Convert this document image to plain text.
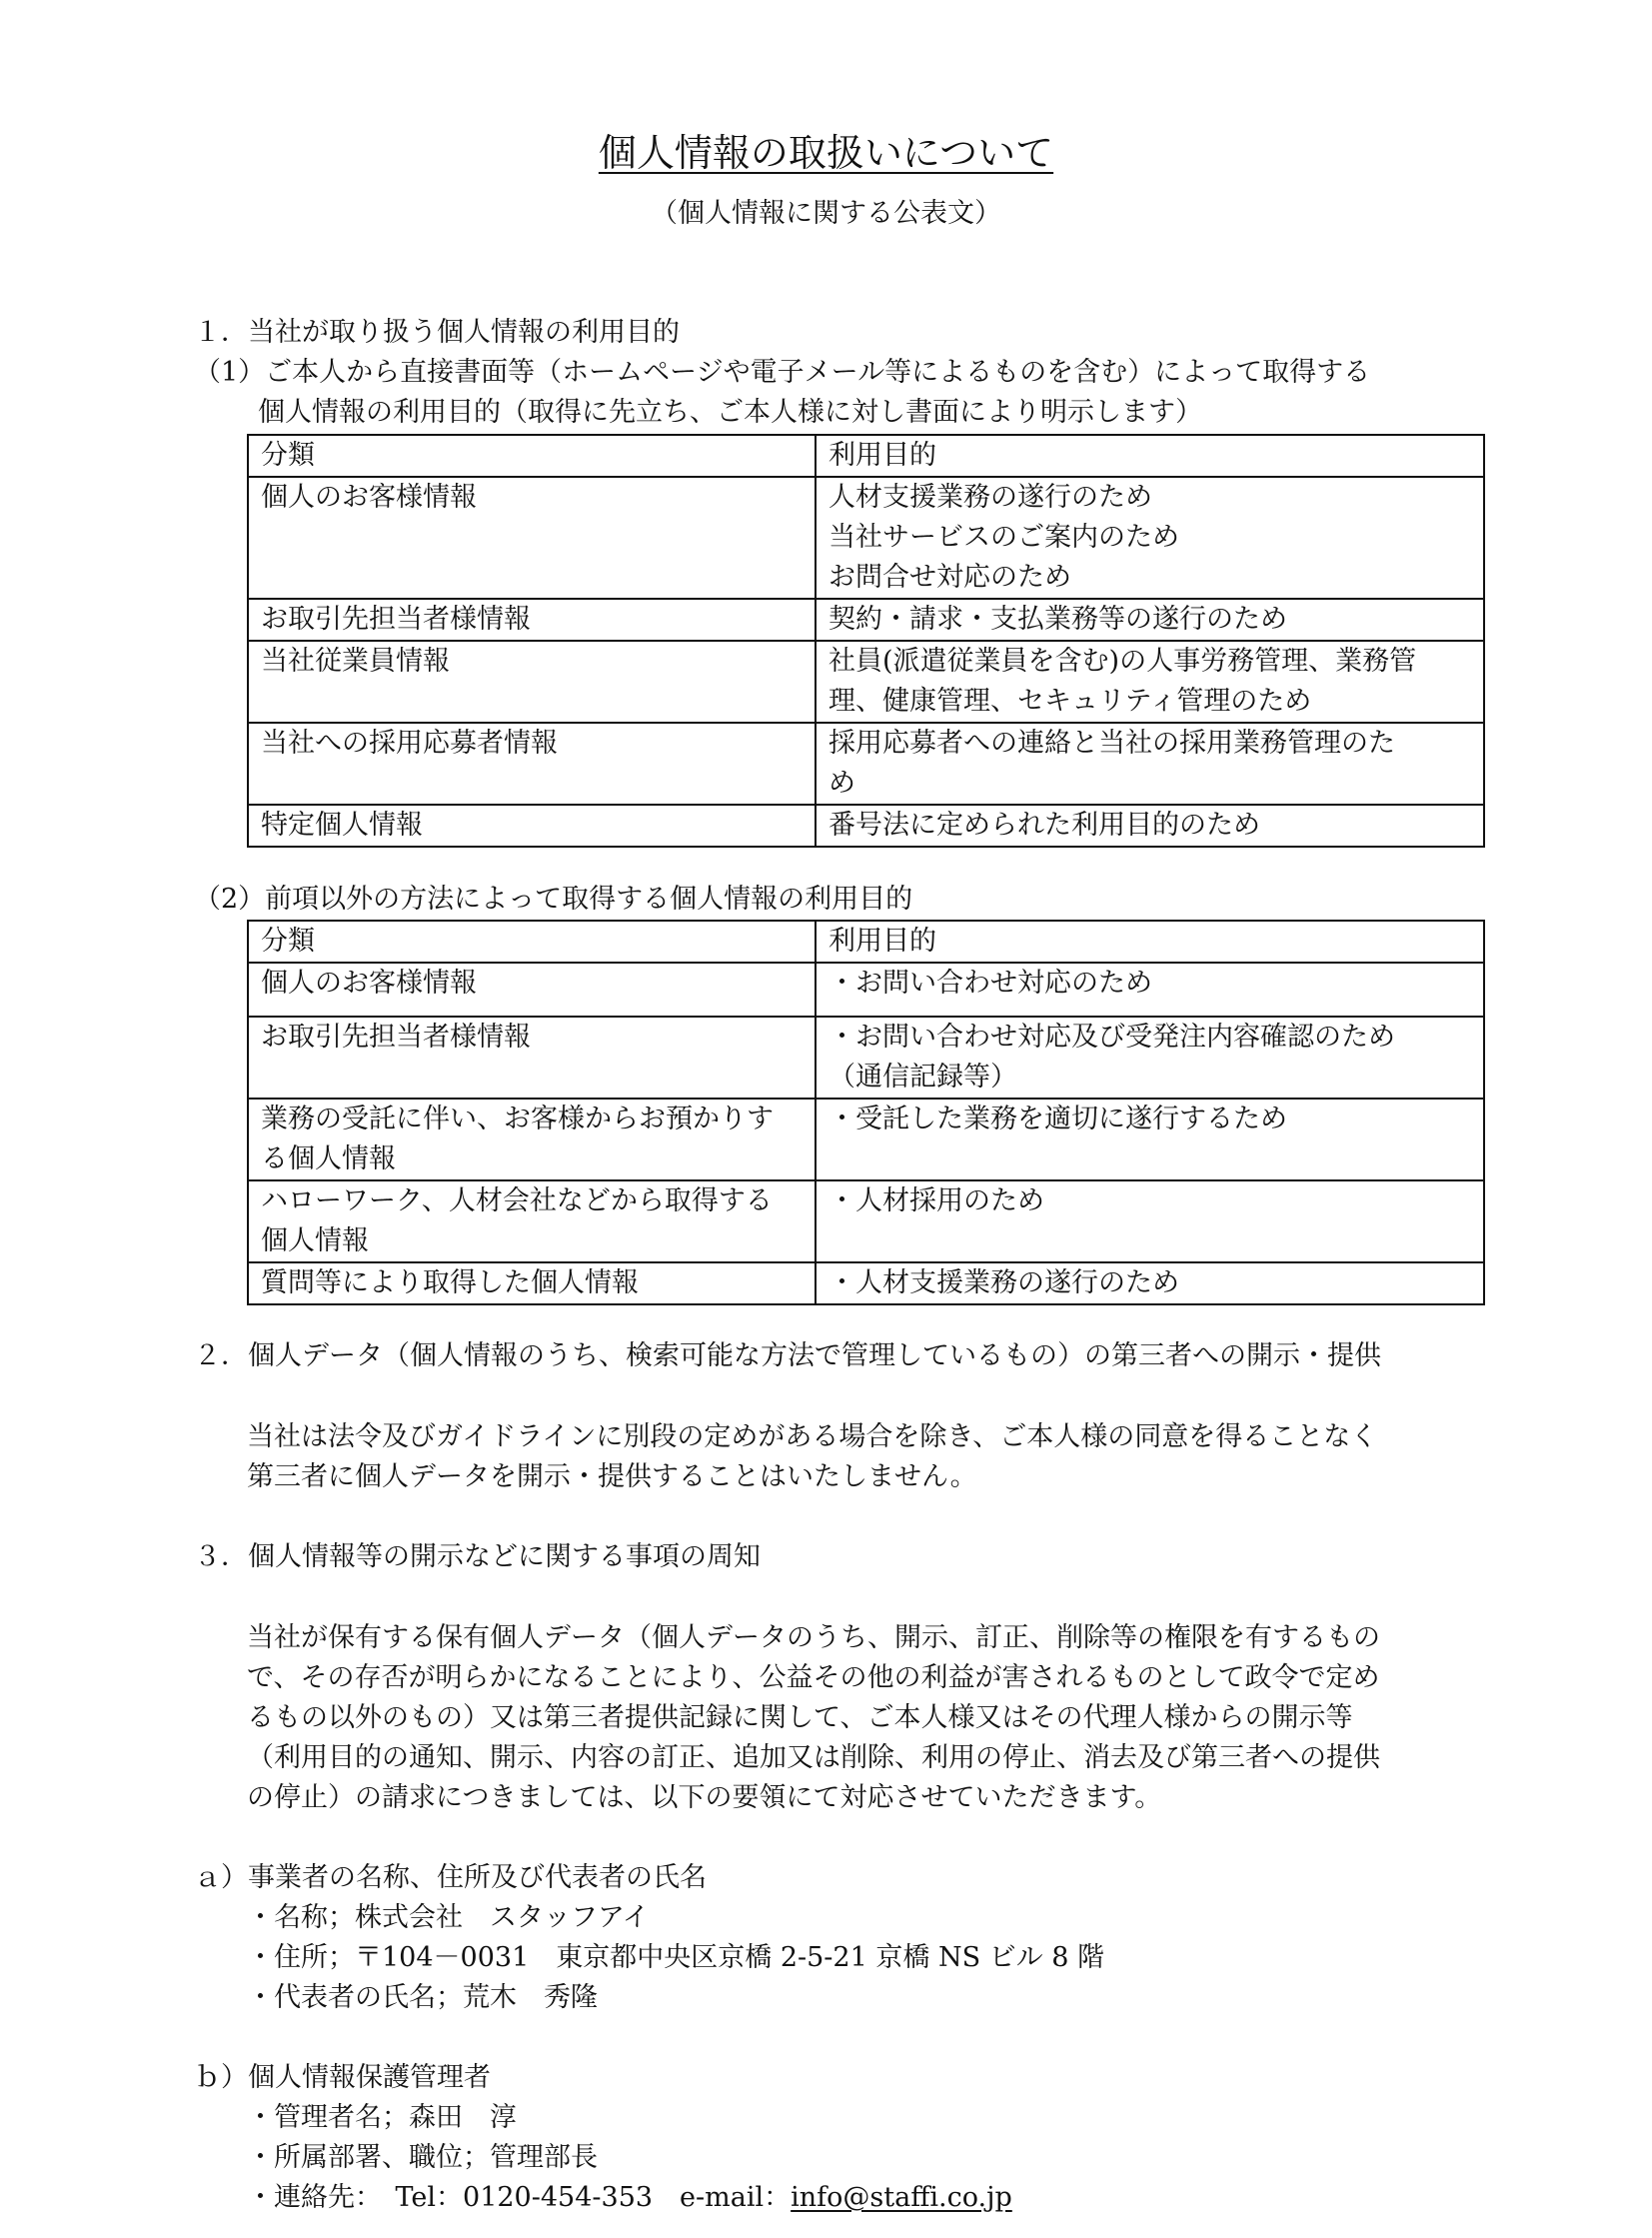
個人情報の取扱いについて
（個人情報に関する公表文）
１．当社が取り扱う個人情報の利用目的
（1）ご本人から直接書面等（ホームページや電子メール等によるものを含む）によって取得する
個人情報の利用目的（取得に先立ち、ご本人様に対し書面により明示します）
分類	利用目的

個人のお客様情報	人材支援業務の遂行のため
当社サービスのご案内のため
お問合せ対応のため

お取引先担当者様情報	契約・請求・支払業務等の遂行のため

当社従業員情報	社員(派遣従業員を含む)の人事労務管理、業務管
理、健康管理、セキュリティ管理のため

当社への採用応募者情報	採用応募者への連絡と当社の採用業務管理のた
め

特定個人情報	番号法に定められた利用目的のため
（2）前項以外の方法によって取得する個人情報の利用目的
分類	利用目的

個人のお客様情報	・お問い合わせ対応のため

お取引先担当者様情報	・お問い合わせ対応及び受発注内容確認のため
（通信記録等）

業務の受託に伴い、お客様からお預かりす
る個人情報	・受託した業務を適切に遂行するため

ハローワーク、人材会社などから取得する
個人情報	・人材採用のため

質問等により取得した個人情報	・人材支援業務の遂行のため
２．個人データ（個人情報のうち、検索可能な方法で管理しているもの）の第三者への開示・提供
当社は法令及びガイドラインに別段の定めがある場合を除き、ご本人様の同意を得ることなく
第三者に個人データを開示・提供することはいたしません。
３．個人情報等の開示などに関する事項の周知
当社が保有する保有個人データ（個人データのうち、開示、訂正、削除等の権限を有するもの
で、その存否が明らかになることにより、公益その他の利益が害されるものとして政令で定め
るもの以外のもの）又は第三者提供記録に関して、ご本人様又はその代理人様からの開示等
（利用目的の通知、開示、内容の訂正、追加又は削除、利用の停止、消去及び第三者への提供
の停止）の請求につきましては、以下の要領にて対応させていただきます。
ａ）事業者の名称、住所及び代表者の氏名
・名称；株式会社　スタッフアイ
・住所；〒104－0031　東京都中央区京橋 2-5-21 京橋 NS ビル 8 階
・代表者の氏名；荒木　秀隆
ｂ）個人情報保護管理者
・管理者名；森田　淳
・所属部署、職位；管理部長
・連絡先：　Tel：0120-454-353　e-mail：info@staffi.co.jp
